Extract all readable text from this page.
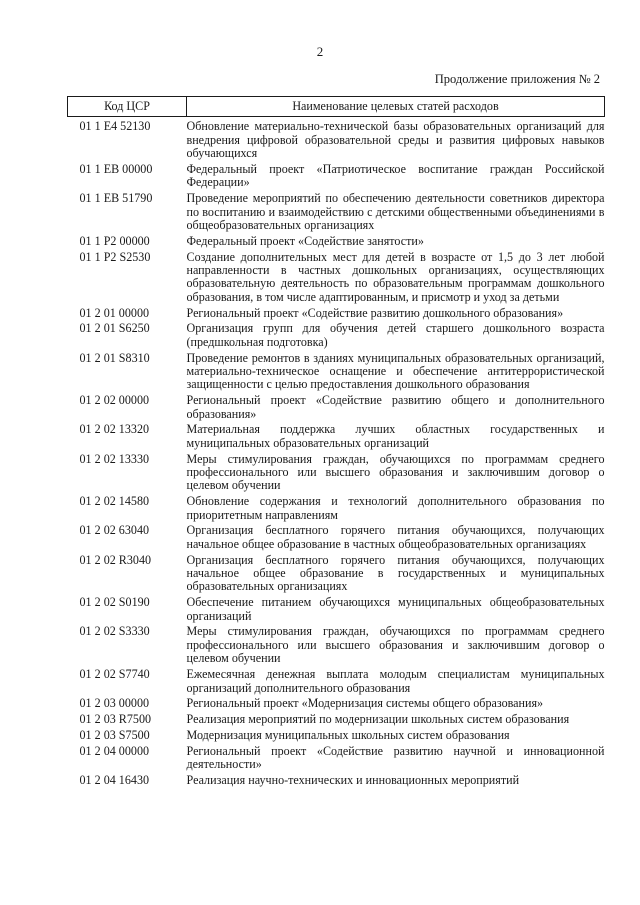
2
Продолжение приложения № 2
Код ЦСР	Наименование целевых статей расходов
01 1 E4 52130	Обновление материально-технической базы образовательных организаций для внедрения цифровой образовательной среды и развития цифровых навыков обучающихся
01 1 EB 00000	Федеральный проект «Патриотическое воспитание граждан Российской Федерации»
01 1 EB 51790	Проведение мероприятий по обеспечению деятельности советников директора по воспитанию и взаимодействию с детскими общественными объединениями в общеобразовательных организациях
01 1 P2 00000	Федеральный проект «Содействие занятости»
01 1 P2 S2530	Создание дополнительных мест для детей в возрасте от 1,5 до 3 лет любой направленности в частных дошкольных организациях, осуществляющих образовательную деятельность по образовательным программам дошкольного образования, в том числе адаптированным, и присмотр и уход за детьми
01 2 01 00000	Региональный проект «Содействие развитию дошкольного образования»
01 2 01 S6250	Организация групп для обучения детей старшего дошкольного возраста (предшкольная подготовка)
01 2 01 S8310	Проведение ремонтов в зданиях муниципальных образовательных организаций, материально-техническое оснащение и обеспечение антитеррористической защищенности с целью предоставления дошкольного образования
01 2 02 00000	Региональный проект «Содействие развитию общего и дополнительного образования»
01 2 02 13320	Материальная поддержка лучших областных государственных и муниципальных образовательных организаций
01 2 02 13330	Меры стимулирования граждан, обучающихся по программам среднего профессионального или высшего образования и заключившим договор о целевом обучении
01 2 02 14580	Обновление содержания и технологий дополнительного образования по приоритетным направлениям
01 2 02 63040	Организация бесплатного горячего питания обучающихся, получающих начальное общее образование в частных общеобразовательных организациях
01 2 02 R3040	Организация бесплатного горячего питания обучающихся, получающих начальное общее образование в государственных и муниципальных образовательных организациях
01 2 02 S0190	Обеспечение питанием обучающихся муниципальных общеобразовательных организаций
01 2 02 S3330	Меры стимулирования граждан, обучающихся по программам среднего профессионального или высшего образования и заключившим договор о целевом обучении
01 2 02 S7740	Ежемесячная денежная выплата молодым специалистам муниципальных организаций дополнительного образования
01 2 03 00000	Региональный проект «Модернизация системы общего образования»
01 2 03 R7500	Реализация мероприятий по модернизации школьных систем образования
01 2 03 S7500	Модернизация муниципальных школьных систем образования
01 2 04 00000	Региональный проект «Содействие развитию научной и инновационной деятельности»
01 2 04 16430	Реализация научно-технических и инновационных мероприятий
